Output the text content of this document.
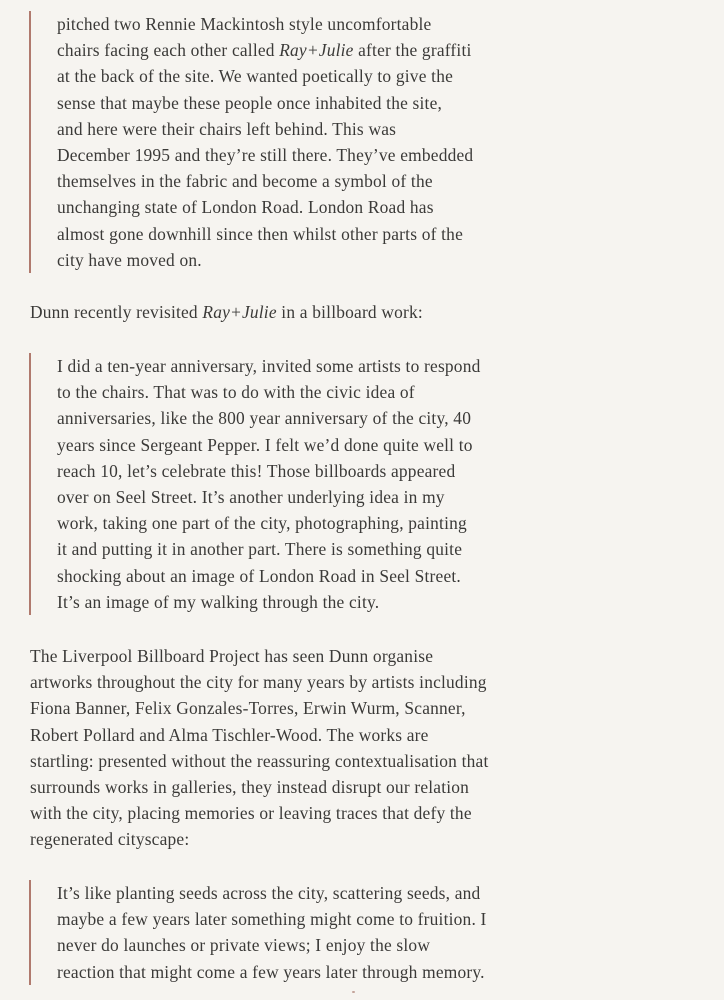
pitched two Rennie Mackintosh style uncomfortable
chairs facing each other called Ray+Julie after the graffiti
at the back of the site. We wanted poetically to give the
sense that maybe these people once inhabited the site,
and here were their chairs left behind. This was
December 1995 and they’re still there. They’ve embedded
themselves in the fabric and become a symbol of the
unchanging state of London Road. London Road has
almost gone downhill since then whilst other parts of the
city have moved on.
Dunn recently revisited Ray+Julie in a billboard work:
I did a ten-year anniversary, invited some artists to respond
to the chairs. That was to do with the civic idea of
anniversaries, like the 800 year anniversary of the city, 40
years since Sergeant Pepper. I felt we’d done quite well to
reach 10, let’s celebrate this! Those billboards appeared
over on Seel Street. It’s another underlying idea in my
work, taking one part of the city, photographing, painting
it and putting it in another part. There is something quite
shocking about an image of London Road in Seel Street.
It’s an image of my walking through the city.
The Liverpool Billboard Project has seen Dunn organise
artworks throughout the city for many years by artists including
Fiona Banner, Felix Gonzales-Torres, Erwin Wurm, Scanner,
Robert Pollard and Alma Tischler-Wood. The works are
startling: presented without the reassuring contextualisation that
surrounds works in galleries, they instead disrupt our relation
with the city, placing memories or leaving traces that defy the
regenerated cityscape:
It’s like planting seeds across the city, scattering seeds, and
maybe a few years later something might come to fruition. I
never do launches or private views; I enjoy the slow
reaction that might come a few years later through memory.
